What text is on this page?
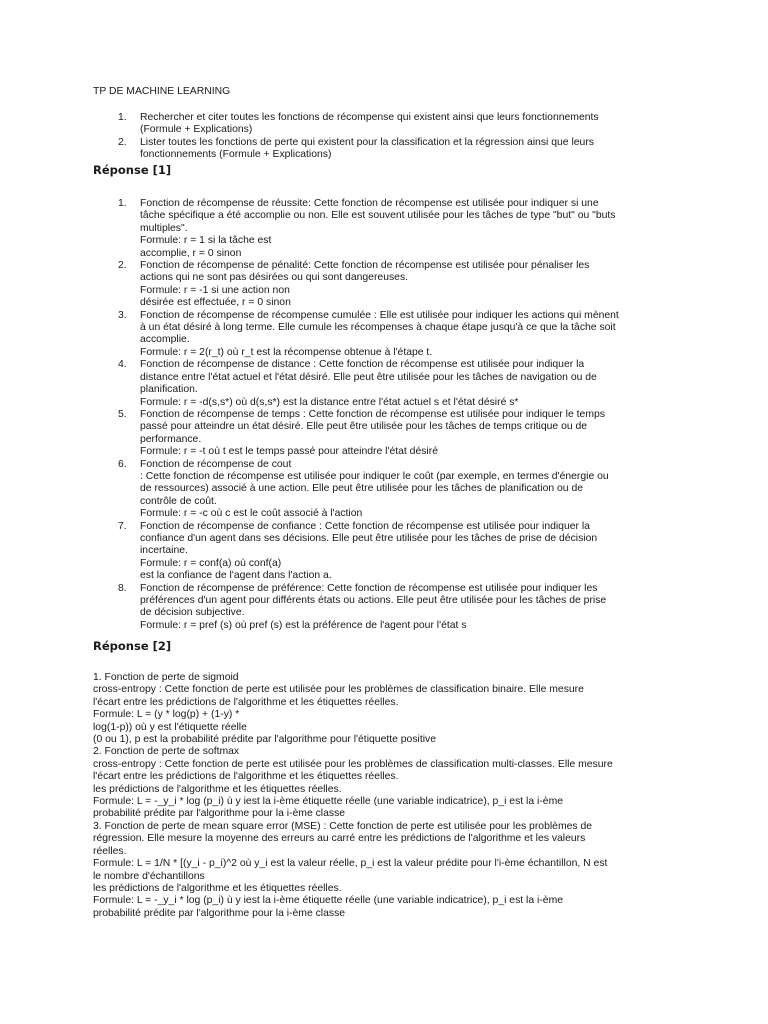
TP DE MACHINE LEARNING
1. Rechercher et citer toutes les fonctions de récompense qui existent ainsi que leurs fonctionnements
(Formule + Explications)
2. Lister toutes les fonctions de perte qui existent pour la classification et la régression ainsi que leurs
fonctionnements (Formule + Explications)
Réponse [1]
1. Fonction de récompense de réussite: Cette fonction de récompense est utilisée pour indiquer si une
tâche spécifique a été accomplie ou non. Elle est souvent utilisée pour les tâches de type "but" ou "buts
multiples".
Formule: r = 1 si la tâche est
accomplie, r = 0 sinon
2. Fonction de récompense de pénalité: Cette fonction de récompense est utilisée pour pénaliser les
actions qui ne sont pas désirées ou qui sont dangereuses.
Formule: r = -1 si une action non
désirée est effectuée, r = 0 sinon
3. Fonction de récompense de récompense cumulée : Elle est utilisée pour indiquer les actions qui mènent
à un état désiré à long terme. Elle cumule les récompenses à chaque étape jusqu'à ce que la tâche soit
accomplie.
Formule: r = 2(r_t) où r_t est la récompense obtenue à l'étape t.
4. Fonction de récompense de distance : Cette fonction de récompense est utilisée pour indiquer la
distance entre l'état actuel et l'état désiré. Elle peut être utilisée pour les tâches de navigation ou de
planification.
Formule: r = -d(s,s*) où d(s,s*) est la distance entre l'état actuel s et l'état désiré s*
5. Fonction de récompense de temps : Cette fonction de récompense est utilisée pour indiquer le temps
passé pour atteindre un état désiré. Elle peut être utilisée pour les tâches de temps critique ou de
performance.
Formule: r = -t où t est le temps passé pour atteindre l'état désiré
6. Fonction de récompense de cout
: Cette fonction de récompense est utilisée pour indiquer le coût (par exemple, en termes d'énergie ou
de ressources) associé à une action. Elle peut être utilisée pour les tâches de planification ou de
contrôle de coût.
Formule: r = -c où c est le coût associé à l'action
7. Fonction de récompense de confiance : Cette fonction de récompense est utilisée pour indiquer la
confiance d'un agent dans ses décisions. Elle peut être utilisée pour les tâches de prise de décision
incertaine.
Formule: r = conf(a) où conf(a)
est la confiance de l'agent dans l'action a.
8. Fonction de récompense de préférence: Cette fonction de récompense est utilisée pour indiquer les
préférences d'un agent pour différents états ou actions. Elle peut être utilisée pour les tâches de prise
de décision subjective.
Formule: r = pref (s) où pref (s) est la préférence de l'agent pour l'état s
Réponse [2]
1. Fonction de perte de sigmoid
cross-entropy : Cette fonction de perte est utilisée pour les problèmes de classification binaire. Elle mesure
l'écart entre les prédictions de l'algorithme et les étiquettes réelles.
Formule: L = (y * log(p) + (1-y) *
log(1-p)) où y est l'étiquette réelle
(0 ou 1), p est la probabilité prédite par l'algorithme pour l'étiquette positive
2. Fonction de perte de softmax
cross-entropy : Cette fonction de perte est utilisée pour les problèmes de classification multi-classes. Elle mesure
l'écart entre les prédictions de l'algorithme et les étiquettes réelles.
les prédictions de l'algorithme et les étiquettes réelles.
Formule: L = -_y_i * log (p_i) ù y iest la i-ème étiquette réelle (une variable indicatrice), p_i est la i-ème
probabilité prédite par l'algorithme pour la i-ème classe
3. Fonction de perte de mean square error (MSE) : Cette fonction de perte est utilisée pour les problèmes de
régression. Elle mesure la moyenne des erreurs au carré entre les prédictions de l'algorithme et les valeurs
réelles.
Formule: L = 1/N * [(y_i - p_i)^2 où y_i est la valeur réelle, p_i est la valeur prédite pour l'i-ème échantillon, N est
le nombre d'échantillons
les prédictions de l'algorithme et les étiquettes réelles.
Formule: L = -_y_i * log (p_i) ù y iest la i-ème étiquette réelle (une variable indicatrice), p_i est la i-ème
probabilité prédite par l'algorithme pour la i-ème classe
